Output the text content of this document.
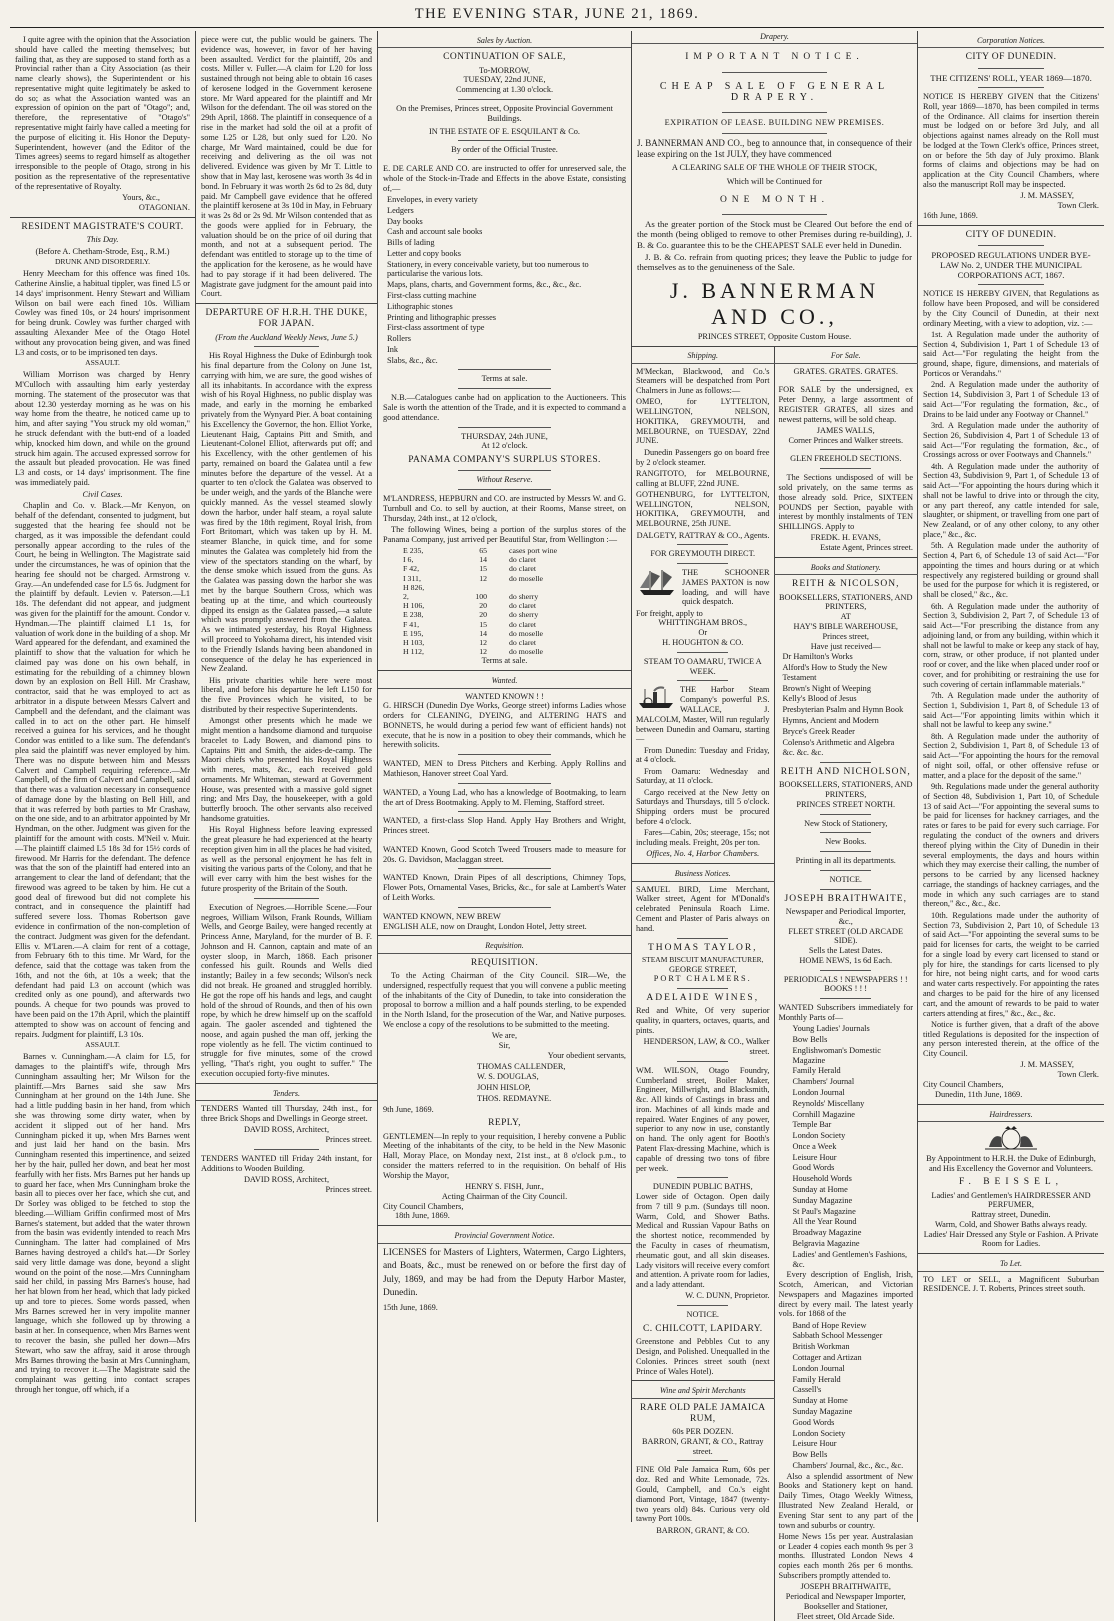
THE EVENING STAR, JUNE 21, 1869.

I quite agree with the opinion that the Association should have called the meeting themselves; but failing that, as they are supposed to stand forth as a Provincial rather than a City Association (as their name clearly shows), the Superintendent or his representative might quite legitimately be asked to do so; as what the Association wanted was an expression of opinion on the part of "Otago"; and, therefore, the representative of "Otago's" representative might fairly have called a meeting for the purpose of eliciting it. His Honor the Deputy-Superintendent, however (and the Editor of the Times agrees) seems to regard himself as altogether irresponsible to the people of Otago, strong in his position as the representative of the representative of the representative of Royalty.

Yours, &c.,
OTAGONIAN.
RESIDENT MAGISTRATE'S COURT.
This Day.
(Before A. Chetham-Strode, Esq., R.M.)
DRUNK AND DISORDERLY.

Henry Meecham for this offence was fined 10s. Catherine Ainslie, a habitual tippler, was fined L5 or 14 days' imprisonment. Henry Stewart and William Wilson on bail were each fined 10s. William Cowley was fined 10s, or 24 hours' imprisonment for being drunk. Cowley was further charged with assaulting Alexander Mee of the Otago Hotel without any provocation being given, and was fined L3 and costs, or to be imprisoned ten days.

ASSAULT.

William Morrison was charged by Henry M'Culloch with assaulting him early yesterday morning. The statement of the prosecutor was that about 12.30 yesterday morning as he was on his way home from the theatre, he noticed came up to him, and after saying "You struck my old woman," he struck defendant with the butt-end of a loaded whip, knocked him down, and while on the ground struck him again. The accused expressed sorrow for the assault but pleaded provocation. He was fined L3 and costs, or 14 days' imprisonment. The fine was immediately paid.

Civil Cases.

Chaplin and Co. v. Black.—Mr Kenyon, on behalf of the defendant, consented to judgment, but suggested that the hearing fee should not be charged, as it was impossible the defendant could personally appear according to the rules of the Court, he being in Wellington. The Magistrate said under the circumstances, he was of opinion that the hearing fee should not be charged. Armstrong v. Gray.—An undefended case for L5 6s. Judgment for the plaintiff by default. Levien v. Paterson.—L1 18s. The defendant did not appear, and judgment was given for the plaintiff for the amount. Condor v. Hyndman.—The plaintiff claimed L1 1s, for valuation of work done in the building of a shop. Mr Ward appeared for the defendant, and examined the plaintiff to show that the valuation for which he claimed pay was done on his own behalf, in estimating for the rebuilding of a chimney blown down by an explosion on Bell Hill. Mr Crashaw, contractor, said that he was employed to act as arbitrator in a dispute between Messrs Calvert and Campbell and the defendant, and the claimant was called in to act on the other part. He himself received a guinea for his services, and he thought Condor was entitled to a like sum. The defendant's plea said the plaintiff was never employed by him. There was no dispute between him and Messrs Calvert and Campbell requiring reference.—Mr Campbell, of the firm of Calvert and Campbell, said that there was a valuation necessary in consequence of damage done by the blasting on Bell Hill, and that it was referred by both parties to Mr Crashaw, on the one side, and to an arbitrator appointed by Mr Hyndman, on the other. Judgment was given for the plaintiff for the amount with costs. M'Neil v. Muir.—The plaintiff claimed L5 18s 3d for 15½ cords of firewood. Mr Harris for the defendant. The defence was that the son of the plaintiff had entered into an arrangement to clear the land of defendant; that the firewood was agreed to be taken by him. He cut a good deal of firewood but did not complete his contract, and in consequence the plaintiff had suffered severe loss. Thomas Robertson gave evidence in confirmation of the non-completion of the contract. Judgment was given for the defendant. Ellis v. M'Laren.—A claim for rent of a cottage, from February 6th to this time. Mr Ward, for the defence, said that the cottage was taken from the 16th, and not the 6th, at 10s a week; that the defendant had paid L3 on account (which was credited only as one pound), and afterwards two pounds. A cheque for two pounds was proved to have been paid on the 17th April, which the plaintiff attempted to show was on account of fencing and repairs. Judgment for plaintiff, L3 10s.

ASSAULT.

Barnes v. Cunningham.—A claim for L5, for damages to the plaintiff's wife, through Mrs Cunningham assaulting her; Mr Wilson for the plaintiff.—Mrs Barnes said she saw Mrs Cunningham at her ground on the 14th June. She had a little pudding basin in her hand, from which she was throwing some dirty water, when by accident it slipped out of her hand. Mrs Cunningham picked it up, when Mrs Barnes went and just laid her hand on the basin. Mrs Cunningham resented this impertinence, and seized her by the hair, pulled her down, and beat her most fearfully with her fists. Mrs Barnes put her hands up to guard her face, when Mrs Cunningham broke the basin all to pieces over her face, which she cut, and Dr Sorley was obliged to be fetched to stop the bleeding.—William Griffin confirmed most of Mrs Barnes's statement, but added that the water thrown from the basin was evidently intended to reach Mrs Cunningham. The latter had complained of Mrs Barnes having destroyed a child's hat.—Dr Sorley said very little damage was done, beyond a slight wound on the point of the nose.—Mrs Cunningham said her child, in passing Mrs Barnes's house, had her hat blown from her head, which that lady picked up and tore to pieces. Some words passed, when Mrs Barnes screwed her in very impolite manner language, which she followed up by throwing a basin at her. In consequence, when Mrs Barnes went to recover the basin, she pulled her down—Mrs Stewart, who saw the affray, said it arose through Mrs Barnes throwing the basin at Mrs Cunningham, and trying to recover it.—The Magistrate said the complainant was getting into contact scrapes through her tongue, off which, if a

piece were cut, the public would be gainers. The evidence was, however, in favor of her having been assaulted. Verdict for the plaintiff, 20s and costs. Miller v. Fuller.—A claim for L20 for loss sustained through not being able to obtain 16 cases of kerosene lodged in the Government kerosene store. Mr Ward appeared for the plaintiff and Mr Wilson for the defendant. The oil was stored on the 29th April, 1868. The plaintiff in consequence of a rise in the market had sold the oil at a profit of some L25 or L28, but only sued for L20. No charge, Mr Ward maintained, could be due for receiving and delivering as the oil was not delivered. Evidence was given by Mr T. Little to show that in May last, kerosene was worth 3s 4d in bond. In February it was worth 2s 6d to 2s 8d, duty paid. Mr Campbell gave evidence that he offered the plaintiff kerosene at 3s 10d in May, in February it was 2s 8d or 2s 9d. Mr Wilson contended that as the goods were applied for in February, the valuation should be on the price of oil during that month, and not at a subsequent period. The defendant was entitled to storage up to the time of the application for the kerosene, as he would have had to pay storage if it had been delivered. The Magistrate gave judgment for the amount paid into Court.

DEPARTURE OF H.R.H. THE DUKE, FOR JAPAN.
(From the Auckland Weekly News, June 5.)

His Royal Highness the Duke of Edinburgh took his final departure from the Colony on June 1st, carrying with him, we are sure, the good wishes of all its inhabitants. In accordance with the express wish of his Royal Highness, no public display was made, and early in the morning he embarked privately from the Wynyard Pier. A boat containing his Excellency the Governor, the hon. Elliot Yorke, Lieutenant Haig, Captains Pitt and Smith, and Lieutenant-Colonel Elliot, afterwards put off; and his Excellency, with the other gentlemen of his party, remained on board the Galatea until a few minutes before the departure of the vessel. At a quarter to ten o'clock the Galatea was observed to be under weigh, and the yards of the Blanche were quickly manned. As the vessel steamed slowly down the harbor, under half steam, a royal salute was fired by the 18th regiment, Royal Irish, from Fort Britomart, which was taken up by H. M. steamer Blanche, in quick time, and for some minutes the Galatea was completely hid from the view of the spectators standing on the wharf, by the dense smoke which issued from the guns. As the Galatea was passing down the harbor she was met by the barque Southern Cross, which was beating up at the time, and which courteously dipped its ensign as the Galatea passed,—a salute which was promptly answered from the Galatea. As we intimated yesterday, his Royal Highness will proceed to Yokohama direct, his intended visit to the Friendly Islands having been abandoned in consequence of the delay he has experienced in New Zealand.

His private charities while here were most liberal, and before his departure he left L150 for the five Provinces which he visited, to be distributed by their respective Superintendents.

Amongst other presents which he made we might mention a handsome diamond and turquoise bracelet to Lady Bowen, and diamond pins to Captains Pitt and Smith, the aides-de-camp. The Maori chiefs who presented his Royal Highness with meres, mats, &c., each received gold ornaments. Mr Whiteman, steward at Government House, was presented with a massive gold signet ring; and Mrs Day, the housekeeper, with a gold butterfly brooch. The other servants also received handsome gratuities.

His Royal Highness before leaving expressed the great pleasure he had experienced at the hearty reception given him in all the places he had visited, as well as the personal enjoyment he has felt in visiting the various parts of the Colony, and that he will ever carry with him the best wishes for the future prosperity of the Britain of the South.

Execution of Negroes.—Horrible Scene.—Four negroes, William Wilson, Frank Rounds, William Wells, and George Bailey, were hanged recently at Princess Anne, Maryland, for the murder of B. F. Johnson and H. Cannon, captain and mate of an oyster sloop, in March, 1868. Each prisoner confessed his guilt. Rounds and Wells died instantly; Bailey in a few seconds; Wilson's neck did not break. He groaned and struggled horribly. He got the rope off his hands and legs, and caught hold of the shroud of Rounds, and then of his own rope, by which he drew himself up on the scaffold again. The gaoler ascended and tightened the noose, and again pushed the man off, jerking the rope violently as he fell. The victim continued to struggle for five minutes, some of the crowd yelling, "That's right, you ought to suffer." The execution occupied forty-five minutes.

Tenders.

TENDERS Wanted till Thursday, 24th inst., for three Brick Shops and Dwellings in George street.

DAVID ROSS, Architect,
Princes street.

TENDERS WANTED till Friday 24th instant, for Additions to Wooden Building.

DAVID ROSS, Architect,
Princes street.
Sales by Auction.
CONTINUATION OF SALE,
To-MORROW,
TUESDAY, 22nd JUNE,
Commencing at 1.30 o'clock.
On the Premises, Princes street, Opposite Provincial Government Buildings.
IN THE ESTATE OF E. ESQUILANT & Co.
By order of the Official Trustee.

E. DE CARLE AND CO. are instructed to offer for unreserved sale, the whole of the Stock-in-Trade and Effects in the above Estate, consisting of,—

Envelopes, in every variety
Ledgers
Day books
Cash and account sale books
Bills of lading
Letter and copy books
Stationery, in every conceivable variety, but too numerous to particularise the various lots.
Maps, plans, charts, and Government forms, &c., &c., &c.
First-class cutting machine
Lithographic stones
Printing and lithographic presses
First-class assortment of type
Rollers
Ink
Slabs, &c., &c.
Terms at sale.

N.B.—Catalogues canbe had on application to the Auctioneers. This Sale is worth the attention of the Trade, and it is expected to command a good attendance.

THURSDAY, 24th JUNE,
At 12 o'clock.
PANAMA COMPANY'S SURPLUS STORES.
Without Reserve.

M'LANDRESS, HEPBURN and CO. are instructed by Messrs W. and G. Turnbull and Co. to sell by auction, at their Rooms, Manse street, on Thursday, 24th inst., at 12 o'clock,

The following Wines, being a portion of the surplus stores of the Panama Company, just arrived per Beautiful Star, from Wellington :—

E 235,	65	cases port wine
I 6,	14	do claret
F 42,	15	do claret
I 311,	12	do moselle
H 826,
2,	100	do sherry
H 106,	20	do claret
E 238,	20	do sherry
F 41,	15	do claret
E 195,	14	do moselle
H 103,	12	do claret
H 112,	12	do moselle
Terms at sale.
Wanted.
WANTED KNOWN ! !

G. HIRSCH (Dunedin Dye Works, George street) informs Ladies whose orders for CLEANING, DYEING, and ALTERING HATS and BONNETS, he would during a period few want of efficient hands) not execute, that he is now in a position to obey their commands, which he herewith solicits.

WANTED, MEN to Dress Pitchers and Kerbing. Apply Rollins and Mathieson, Hanover street Coal Yard.

WANTED, a Young Lad, who has a knowledge of Bootmaking, to learn the art of Dress Bootmaking. Apply to M. Fleming, Stafford street.

WANTED, a first-class Slop Hand. Apply Hay Brothers and Wright, Princes street.

WANTED Known, Good Scotch Tweed Trousers made to measure for 20s. G. Davidson, Maclaggan street.

WANTED Known, Drain Pipes of all descriptions, Chimney Tops, Flower Pots, Ornamental Vases, Bricks, &c., for sale at Lambert's Water of Leith Works.

WANTED KNOWN, NEW BREW

ENGLISH ALE, now on Draught, London Hotel, Jetty street.

Requisition.
REQUISITION.

To the Acting Chairman of the City Council. SIR—We, the undersigned, respectfully request that you will convene a public meeting of the inhabitants of the City of Dunedin, to take into consideration the proposal to borrow a million and a half pounds sterling, to be expended in the North Island, for the prosecution of the War, and Native purposes. We enclose a copy of the resolutions to be submitted to the meeting.

We are,
Sir,
Your obedient servants,
THOMAS CALLENDER,
W. S. DOUGLAS,
JOHN HISLOP,
THOS. REDMAYNE.
9th June, 1869.
REPLY,

GENTLEMEN—In reply to your requisition, I hereby convene a Public Meeting of the inhabitants of the city, to be held in the New Masonic Hall, Moray Place, on Monday next, 21st inst., at 8 o'clock p.m., to consider the matters referred to in the requisition. On behalf of His Worship the Mayor,

HENRY S. FISH, Junr.,
Acting Chairman of the City Council.
City Council Chambers,
18th June, 1869.
Provincial Government Notice.

LICENSES for Masters of Lighters, Watermen, Cargo Lighters, and Boats, &c., must be renewed on or before the first day of July, 1869, and may be had from the Deputy Harbor Master, Dunedin.

15th June, 1869.
Drapery.
IMPORTANT NOTICE.
CHEAP SALE OF GENERAL DRAPERY.
EXPIRATION OF LEASE. BUILDING NEW PREMISES.

J. BANNERMAN AND CO., beg to announce that, in consequence of their lease expiring on the 1st JULY, they have commenced

A CLEARING SALE OF THE WHOLE OF THEIR STOCK,
Which will be Continued for
ONE MONTH.

As the greater portion of the Stock must be Cleared Out before the end of the month (being obliged to remove to other Premises during re-building), J. B. & Co. guarantee this to be the CHEAPEST SALE ever held in Dunedin.

J. B. & Co. refrain from quoting prices; they leave the Public to judge for themselves as to the genuineness of the Sale.

J. BANNERMAN AND CO.,
PRINCES STREET, Opposite Custom House.
Shipping.

M'Meckan, Blackwood, and Co.'s Steamers will be despatched from Port Chalmers in June as follows:—

OMEO, for LYTTELTON, WELLINGTON, NELSON, HOKITIKA, GREYMOUTH, and MELBOURNE, on TUESDAY, 22nd JUNE.

Dunedin Passengers go on board free by 2 o'clock steamer.

RANGITOTO, for MELBOURNE, calling at BLUFF, 22nd JUNE.

GOTHENBURG, for LYTTELTON, WELLINGTON, NELSON, HOKITIKA, GREYMOUTH, and MELBOURNE, 25th JUNE.

DALGETY, RATTRAY & CO., Agents.
FOR GREYMOUTH DIRECT.

THE SCHOONER JAMES PAXTON is now loading, and will have quick despatch.

For freight, apply to
WHITTINGHAM BROS.,
Or
H. HOUGHTON & CO.
STEAM TO OAMARU, TWICE A WEEK.

THE Harbor Steam Company's powerful P.S. WALLACE, J. MALCOLM, Master, Will run regularly between Dunedin and Oamaru, starting—

From Dunedin: Tuesday and Friday, at 4 o'clock.

From Oamaru: Wednesday and Saturday, at 11 o'clock.

Cargo received at the New Jetty on Saturdays and Thursdays, till 5 o'clock. Shipping orders must be procured before 4 o'clock.

Fares—Cabin, 20s; steerage, 15s; not including meals. Freight, 20s per ton.

Offices, No. 4, Harbor Chambers.
Business Notices.

SAMUEL BIRD, Lime Merchant, Walker street, Agent for M'Donald's celebrated Peninsula Roach Lime. Cement and Plaster of Paris always on hand.

THOMAS TAYLOR,
STEAM BISCUIT MANUFACTURER,
GEORGE STREET,
PORT CHALMERS.
ADELAIDE WINES,

Red and White, Of very superior quality, in quarters, octaves, quarts, and pints.

HENDERSON, LAW, & CO., Walker street.

WM. WILSON, Otago Foundry, Cumberland street, Boiler Maker, Engineer, Millwright, and Blacksmith, &c. All kinds of Castings in brass and iron. Machines of all kinds made and repaired. Water Engines of any power, superior to any now in use, constantly on hand. The only agent for Booth's Patent Flax-dressing Machine, which is capable of dressing two tons of fibre per week.

DUNEDIN PUBLIC BATHS,

Lower side of Octagon. Open daily from 7 till 9 p.m. (Sundays till noon. Warm, Cold, and Shower Baths. Medical and Russian Vapour Baths on the shortest notice, recommended by the Faculty in cases of rheumatism, rheumatic gout, and all skin diseases. Lady visitors will receive every comfort and attention. A private room for ladies, and a lady attendant.

W. C. DUNN, Proprietor.
NOTICE.
C. CHILCOTT, LAPIDARY.

Greenstone and Pebbles Cut to any Design, and Polished. Unequalled in the Colonies. Princes street south (next Prince of Wales Hotel).

Wine and Spirit Merchants
RARE OLD PALE JAMAICA RUM,
60s PER DOZEN.
BARRON, GRANT, & CO., Rattray street.

FINE Old Pale Jamaica Rum, 60s per doz. Red and White Lemonade, 72s. Gould, Campbell, and Co.'s eight diamond Port, Vintage, 1847 (twenty-two years old) 84s. Curious very old tawny Port 100s.

BARRON, GRANT, & CO.
For Sale.
GRATES. GRATES. GRATES.

FOR SALE by the undersigned, ex Peter Denny, a large assortment of REGISTER GRATES, all sizes and newest patterns, will be sold cheap.

JAMES WALLS,
Corner Princes and Walker streets.
GLEN FREEHOLD SECTIONS.

The Sections undisposed of will be sold privately, on the same terms as those already sold. Price, SIXTEEN POUNDS per Section, payable with interest by monthly instalments of TEN SHILLINGS. Apply to

FREDK. H. EVANS,
Estate Agent, Princes street.
Books and Stationery.
REITH & NICOLSON,
BOOKSELLERS, STATIONERS, AND PRINTERS,
AT
HAY'S BIBLE WAREHOUSE,
Princes street,
Have just received—
Dr Hamilton's Works
Alford's How to Study the New Testament
Brown's Night of Weeping
Kelly's Blood of Jesus
Presbyterian Psalm and Hymn Book
Hymns, Ancient and Modern
Bryce's Greek Reader
Colenso's Arithmetic and Algebra
&c. &c. &c.
REITH AND NICHOLSON,
BOOKSELLERS, STATIONERS, AND PRINTERS,
PRINCES STREET NORTH.
New Stock of Stationery,
New Books.
Printing in all its departments.
NOTICE.
JOSEPH BRAITHWAITE,
Newspaper and Periodical Importer, &c.,
FLEET STREET (OLD ARCADE SIDE).
Sells the Latest Dates.
HOME NEWS, 1s 6d Each.
PERIODICALS ! NEWSPAPERS ! ! BOOKS ! ! !

WANTED Subscribers immediately for Monthly Parts of—

Young Ladies' Journals
Bow Bells
Englishwoman's Domestic Magazine
Family Herald
Chambers' Journal
London Journal
Reynolds' Miscellany
Cornhill Magazine
Temple Bar
London Society
Once a Week
Leisure Hour
Good Words
Household Words
Sunday at Home
Sunday Magazine
St Paul's Magazine
All the Year Round
Broadway Magazine
Belgravia Magazine
Ladies' and Gentlemen's Fashions, &c.

Every description of English, Irish, Scotch, American, and Victorian Newspapers and Magazines imported direct by every mail. The latest yearly vols. for 1868 of the

Band of Hope Review
Sabbath School Messenger
British Workman
Cottager and Artizan
London Journal
Family Herald
Cassell's
Sunday at Home
Sunday Magazine
Good Words
London Society
Leisure Hour
Bow Bells
Chambers' Journal, &c., &c., &c.

Also a splendid assortment of New Books and Stationery kept on hand. Daily Times, Otago Weekly Witness, Illustrated New Zealand Herald, or Evening Star sent to any part of the town and suburbs or country.

Home News 15s per year. Australasian or Leader 4 copies each month 9s per 3 months. Illustrated London News 4 copies each month 26s per 6 months. Subscribers promptly attended to.

JOSEPH BRAITHWAITE,
Periodical and Newspaper Importer, Bookseller and Stationer,
Fleet street, Old Arcade Side.
Corporation Notices.
CITY OF DUNEDIN.
THE CITIZENS' ROLL, YEAR 1869—1870.

NOTICE IS HEREBY GIVEN that the Citizens' Roll, year 1869—1870, has been compiled in terms of the Ordinance. All claims for insertion therein must be lodged on or before 3rd July, and all objections against names already on the Roll must be lodged at the Town Clerk's office, Princes street, on or before the 5th day of July proximo. Blank forms of claims and objections may be had on application at the City Council Chambers, where also the manuscript Roll may be inspected.

J. M. MASSEY,
Town Clerk.
16th June, 1869.
CITY OF DUNEDIN.
PROPOSED REGULATIONS UNDER BYE-LAW No. 2, UNDER THE MUNICIPAL CORPORATIONS ACT, 1867.

NOTICE IS HEREBY GIVEN, that Regulations as follow have been Proposed, and will be considered by the City Council of Dunedin, at their next ordinary Meeting, with a view to adoption, viz. :—

1st. A Regulation made under the authority of Section 4, Subdivision 1, Part 1 of Schedule 13 of said Act—"For regulating the height from the ground, shape, figure, dimensions, and materials of Porticos or Verandahs."

2nd. A Regulation made under the authority of Section 14, Subdivision 3, Part 1 of Schedule 13 of said Act—"For regulating the formation, &c., of Drains to be laid under any Footway or Channel."

3rd. A Regulation made under the authority of Section 26, Subdivision 4, Part 1 of Schedule 13 of said Act—"For regulating the formation, &c., of Crossings across or over Footways and Channels."

4th. A Regulation made under the authority of Section 43, Subdivision 9, Part 1, of Schedule 13 of said Act—"For appointing the hours during which it shall not be lawful to drive into or through the city, or any part thereof, any cattle intended for sale, slaughter, or shipment, or travelling from one part of New Zealand, or of any other colony, to any other place," &c., &c.

5th. A Regulation made under the authority of Section 4, Part 6, of Schedule 13 of said Act—"For appointing the times and hours during or at which respectively any registered building or ground shall be used for the purpose for which it is registered, or shall be closed," &c., &c.

6th. A Regulation made under the authority of Section 3, Subdivision 2, Part 7, of Schedule 13 of said Act—"For prescribing the distance from any adjoining land, or from any building, within which it shall not be lawful to make or keep any stack of hay, corn, straw, or other produce, if not planted under roof or cover, and the like when placed under roof or cover, and for prohibiting or restraining the use for such covering of certain inflammable materials."

7th. A Regulation made under the authority of Section 1, Subdivision 1, Part 8, of Schedule 13 of said Act—"For appointing limits within which it shall not be lawful to keep any swine."

8th. A Regulation made under the authority of Section 2, Subdivision 1, Part 8, of Schedule 13 of said Act—"For appointing the hours for the removal of night soil, offal, or other offensive refuse or matter, and a place for the deposit of the same."

9th. Regulations made under the general authority of Section 48, Subdivision 1, Part 10, of Schedule 13 of said Act—"For appointing the several sums to be paid for licenses for hackney carriages, and the rates or fares to be paid for every such carriage. For regulating the conduct of the owners and drivers thereof plying within the City of Dunedin in their several employments, the days and hours within which they may exercise their calling, the number of persons to be carried by any licensed hackney carriage, the standings of hackney carriages, and the mode in which any such carriages are to stand thereon," &c., &c., &c.

10th. Regulations made under the authority of Section 73, Subdivision 2, Part 10, of Schedule 13 of said Act—"For appointing the several sums to be paid for licenses for carts, the weight to be carried for a single load by every cart licensed to stand or ply for hire, the standings for carts licensed to ply for hire, not being night carts, and for wood carts and water carts respectively. For appointing the rates and charges to be paid for the hire of any licensed cart, and the amount of rewards to be paid to water carters attending at fires," &c., &c., &c.

Notice is further given, that a draft of the above titled Regulations is deposited for the inspection of any person interested therein, at the office of the City Council.

J. M. MASSEY,
Town Clerk.
City Council Chambers,
Dunedin, 11th June, 1869.
Hairdressers.

By Appointment to H.R.H. the Duke of Edinburgh, and His Excellency the Governor and Volunteers.

F. BEISSEL,
Ladies' and Gentlemen's HAIRDRESSER AND PERFUMER,
Rattray street, Dunedin.

Warm, Cold, and Shower Baths always ready. Ladies' Hair Dressed any Style or Fashion. A Private Room for Ladies.

To Let.

TO LET or SELL, a Magnificent Suburban RESIDENCE. J. T. Roberts, Princes street south.
